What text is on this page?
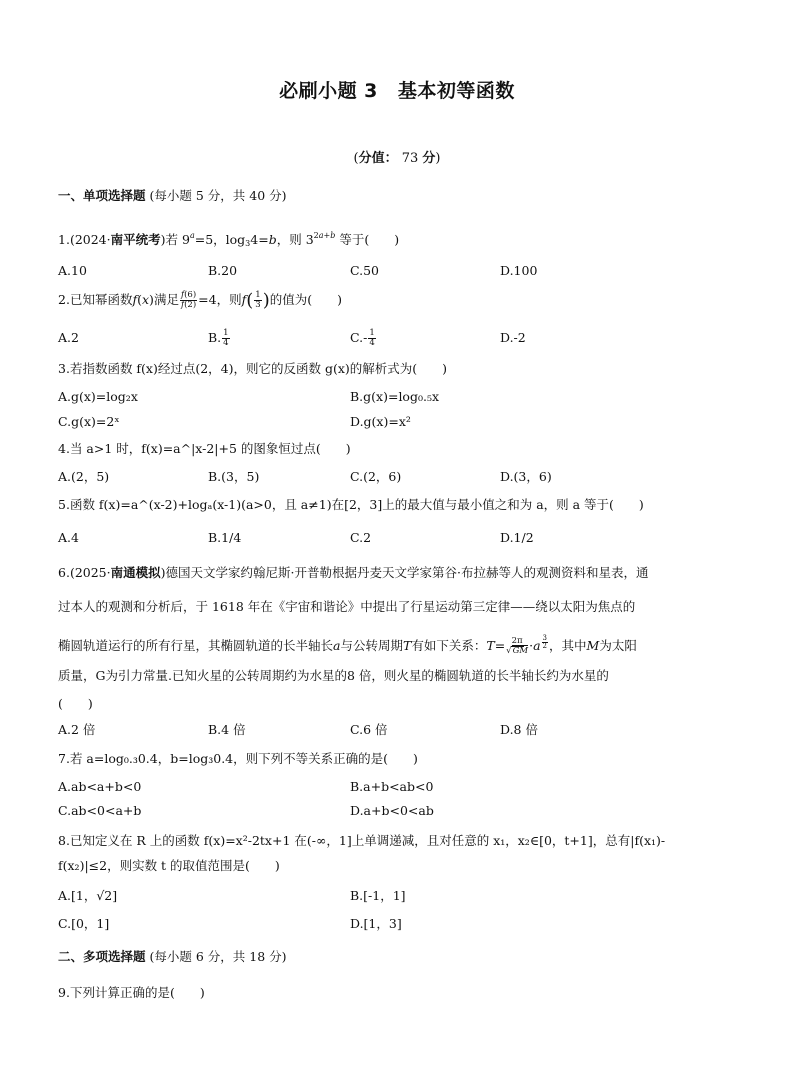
必刷小题 3 基本初等函数
(分值： 73 分)
一、单项选择题 (每小题 5 分，共 40 分)
1.(2024·南平统考)若 $9^a=5$，$\log_34=b$，则 $3^{2a+b}$ 等于(　　)
A.10	B.20	C.50	D.100
2.已知幂函数f(x)满足 $\frac{f(6)}{f(2)} =4$，则$f( \frac{1}{3}$ )的值为(　　)
A.2	B. $\frac{1}{4}$	$C.- \frac{1}{4}$	D.-2
3.若指数函数 f(x)经过点(2，4)，则它的反函数 g(x)的解析式为(　　)
A.g(x)=log₂x	B.g(x)=log₀.₅x
C.g(x)=2ˣ	D.g(x)=x²
4.当 a>1 时，f(x)=a^|x-2|+5 的图象恒过点(　　)
A.(2，5)	B.(3，5)	C.(2，6)	D.(3，6)
5.函数 f(x)=a^(x-2)+logₐ(x-1)(a>0，且 a≠1)在[2，3]上的最大值与最小值之和为 a，则 a 等于(　　)
A.4	B.1/4	C.2	D.1/2
6.(2025·南通模拟)德国天文学家约翰尼斯·开普勒根据丹麦天文学家第谷·布拉赫等人的观测资料和星表，通
过本人的观测和分析后，于 1618 年在《宇宙和谐论》中提出了行星运动第三定律——绕以太阳为焦点的
椭圆轨道运行的所有行星，其椭圆轨道的长半轴长a与公转周期T有如下关系：$T= \frac{2\pi}{√GM} \cdot a$ $^{\frac{3}{2}}$ ，其中M为太阳
质量，G为引力常量.已知火星的公转周期约为水星的8 倍，则火星的椭圆轨道的长半轴长约为水星的
(　　)
A.2 倍	B.4 倍	C.6 倍	D.8 倍
7.若 a=log₀.₃0.4，b=log₃0.4，则下列不等关系正确的是(　　)
A.ab<a+b<0	B.a+b<ab<0
C.ab<0<a+b	D.a+b<0<ab
8.已知定义在 R 上的函数 f(x)=x²-2tx+1 在(-∞，1]上单调递减，且对任意的 x₁，x₂∈[0，t+1]，总有|f(x₁)-
f(x₂)|≤2，则实数 t 的取值范围是(　　)
A.[1，√2]	B.[-1，1]
C.[0，1]	D.[1，3]
二、多项选择题 (每小题 6 分，共 18 分)
9.下列计算正确的是(　　)
